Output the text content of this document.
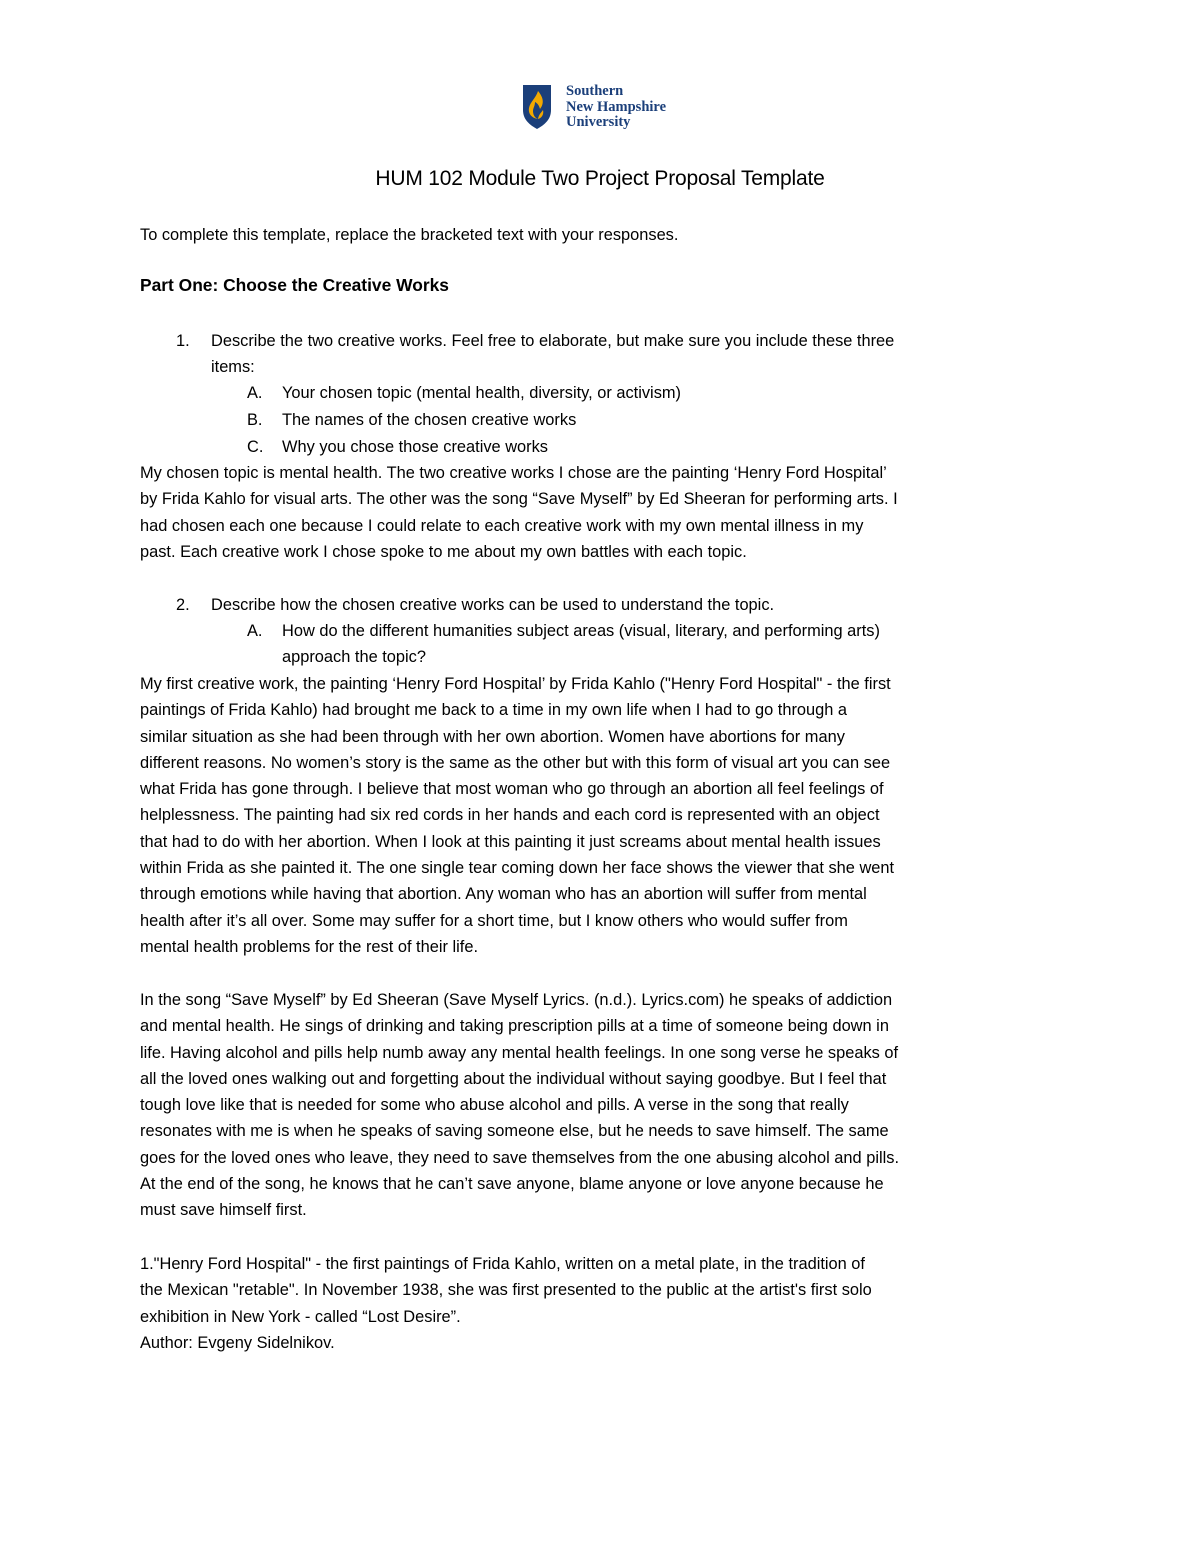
Southern
New Hampshire
University
HUM 102 Module Two Project Proposal Template
To complete this template, replace the bracketed text with your responses.
Part One: Choose the Creative Works
1. Describe the two creative works. Feel free to elaborate, but make sure you include these three
items:
A. Your chosen topic (mental health, diversity, or activism)
B. The names of the chosen creative works
C. Why you chose those creative works
My chosen topic is mental health. The two creative works I chose are the painting ‘Henry Ford Hospital’
by Frida Kahlo for visual arts. The other was the song “Save Myself” by Ed Sheeran for performing arts. I
had chosen each one because I could relate to each creative work with my own mental illness in my
past. Each creative work I chose spoke to me about my own battles with each topic.
2. Describe how the chosen creative works can be used to understand the topic.
A. How do the different humanities subject areas (visual, literary, and performing arts)
approach the topic?
My first creative work, the painting ‘Henry Ford Hospital’ by Frida Kahlo ("Henry Ford Hospital" - the first
paintings of Frida Kahlo) had brought me back to a time in my own life when I had to go through a
similar situation as she had been through with her own abortion. Women have abortions for many
different reasons. No women’s story is the same as the other but with this form of visual art you can see
what Frida has gone through. I believe that most woman who go through an abortion all feel feelings of
helplessness. The painting had six red cords in her hands and each cord is represented with an object
that had to do with her abortion. When I look at this painting it just screams about mental health issues
within Frida as she painted it. The one single tear coming down her face shows the viewer that she went
through emotions while having that abortion. Any woman who has an abortion will suffer from mental
health after it’s all over. Some may suffer for a short time, but I know others who would suffer from
mental health problems for the rest of their life.
In the song “Save Myself” by Ed Sheeran (Save Myself Lyrics. (n.d.). Lyrics.com) he speaks of addiction
and mental health. He sings of drinking and taking prescription pills at a time of someone being down in
life. Having alcohol and pills help numb away any mental health feelings. In one song verse he speaks of
all the loved ones walking out and forgetting about the individual without saying goodbye. But I feel that
tough love like that is needed for some who abuse alcohol and pills. A verse in the song that really
resonates with me is when he speaks of saving someone else, but he needs to save himself. The same
goes for the loved ones who leave, they need to save themselves from the one abusing alcohol and pills.
At the end of the song, he knows that he can’t save anyone, blame anyone or love anyone because he
must save himself first.
1."Henry Ford Hospital" - the first paintings of Frida Kahlo, written on a metal plate, in the tradition of
the Mexican "retable". In November 1938, she was first presented to the public at the artist's first solo
exhibition in New York - called “Lost Desire”.
Author: Evgeny Sidelnikov.
